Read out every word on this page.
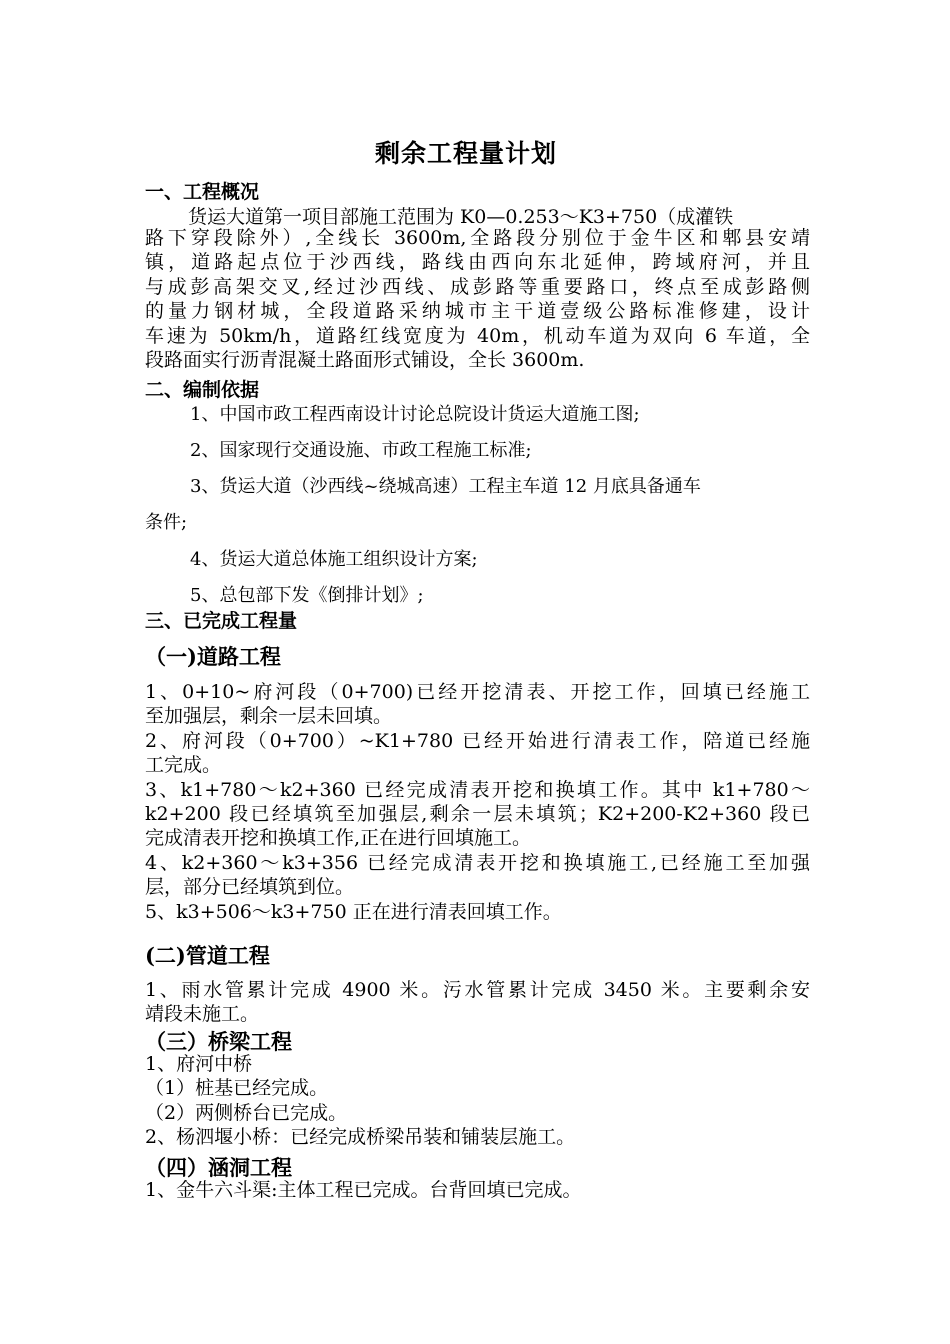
剩余工程量计划
一、工程概况
货运大道第一项目部施工范围为 K0—0.253～K3+750（成灌铁
路下穿段除外）,全线长 3600m,全路段分别位于金牛区和郫县安靖
镇，道路起点位于沙西线，路线由西向东北延伸，跨域府河，并且
与成彭高架交叉,经过沙西线、成彭路等重要路口，终点至成彭路侧
的量力钢材城，全段道路采纳城市主干道壹级公路标准修建，设计
车速为 50km/h，道路红线宽度为 40m，机动车道为双向 6 车道，全
段路面实行沥青混凝土路面形式铺设，全长 3600m.
二、编制依据
1、中国市政工程西南设计讨论总院设计货运大道施工图;
2、国家现行交通设施、市政工程施工标准;
3、货运大道（沙西线~绕城高速）工程主车道 12 月底具备通车
条件;
4、货运大道总体施工组织设计方案;
5、总包部下发《倒排计划》;
三、已完成工程量
（一)道路工程
1、0+10~府河段（0+700)已经开挖清表、开挖工作，回填已经施工
至加强层，剩余一层未回填。
2、府河段（0+700）~K1+780 已经开始进行清表工作，陪道已经施
工完成。
3、k1+780～k2+360 已经完成清表开挖和换填工作。其中 k1+780～
k2+200 段已经填筑至加强层,剩余一层未填筑；K2+200-K2+360 段已
完成清表开挖和换填工作,正在进行回填施工。
4、k2+360～k3+356 已经完成清表开挖和换填施工,已经施工至加强
层，部分已经填筑到位。
5、k3+506～k3+750 正在进行清表回填工作。
(二)管道工程
1、雨水管累计完成 4900 米。污水管累计完成 3450 米。主要剩余安
靖段未施工。
（三）桥梁工程
1、府河中桥
（1）桩基已经完成。
（2）两侧桥台已完成。
2、杨泗堰小桥：已经完成桥梁吊装和铺装层施工。
（四）涵洞工程
1、金牛六斗渠:主体工程已完成。台背回填已完成。
